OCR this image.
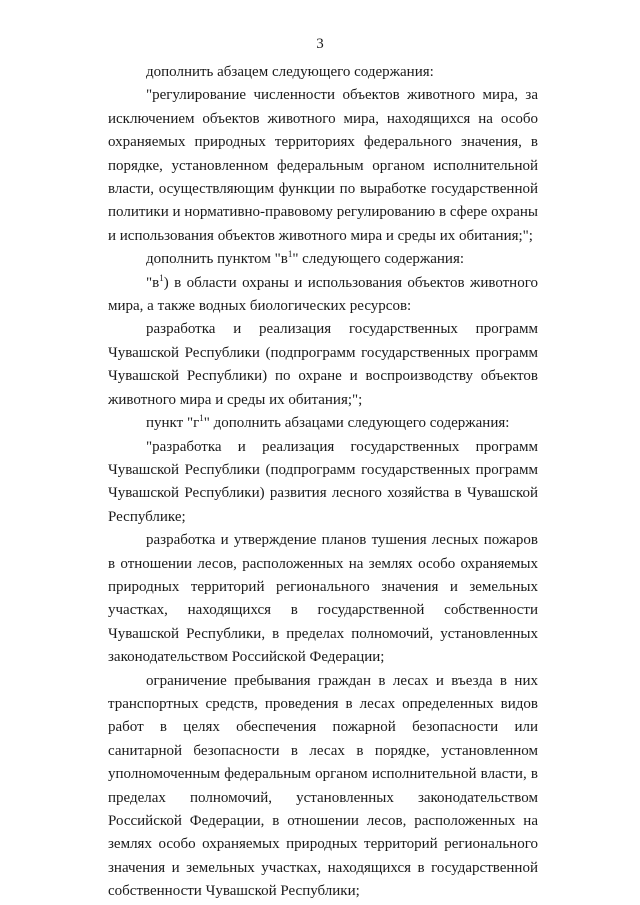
3

дополнить абзацем следующего содержания:

"регулирование численности объектов животного мира, за исключением объектов животного мира, находящихся на особо охраняемых природных территориях федерального значения, в порядке, установленном федеральным органом исполнительной власти, осуществляющим функции по выработке государственной политики и нормативно-правовому регулированию в сфере охраны и использования объектов животного мира и среды их обитания;";

дополнить пунктом "$в^1$" следующего содержания:

"$в^1$) в области охраны и использования объектов животного мира, а также водных биологических ресурсов:

разработка и реализация государственных программ Чувашской Республики (подпрограмм государственных программ Чувашской Республики) по охране и воспроизводству объектов животного мира и среды их обитания;";

пункт "$г^1$" дополнить абзацами следующего содержания:

"разработка и реализация государственных программ Чувашской Республики (подпрограмм государственных программ Чувашской Республики) развития лесного хозяйства в Чувашской Республике;

разработка и утверждение планов тушения лесных пожаров в отношении лесов, расположенных на землях особо охраняемых природных территорий регионального значения и земельных участках, находящихся в государственной собственности Чувашской Республики, в пределах полномочий, установленных законодательством Российской Федерации;

ограничение пребывания граждан в лесах и въезда в них транспортных средств, проведения в лесах определенных видов работ в целях обеспечения пожарной безопасности или санитарной безопасности в лесах в порядке, установленном уполномоченным федеральным органом исполнительной власти, в пределах полномочий, установленных законодательством Российской Федерации, в отношении лесов, расположенных на землях особо охраняемых природных территорий регионального значения и земельных участках, находящихся в государственной собственности Чувашской Республики;
